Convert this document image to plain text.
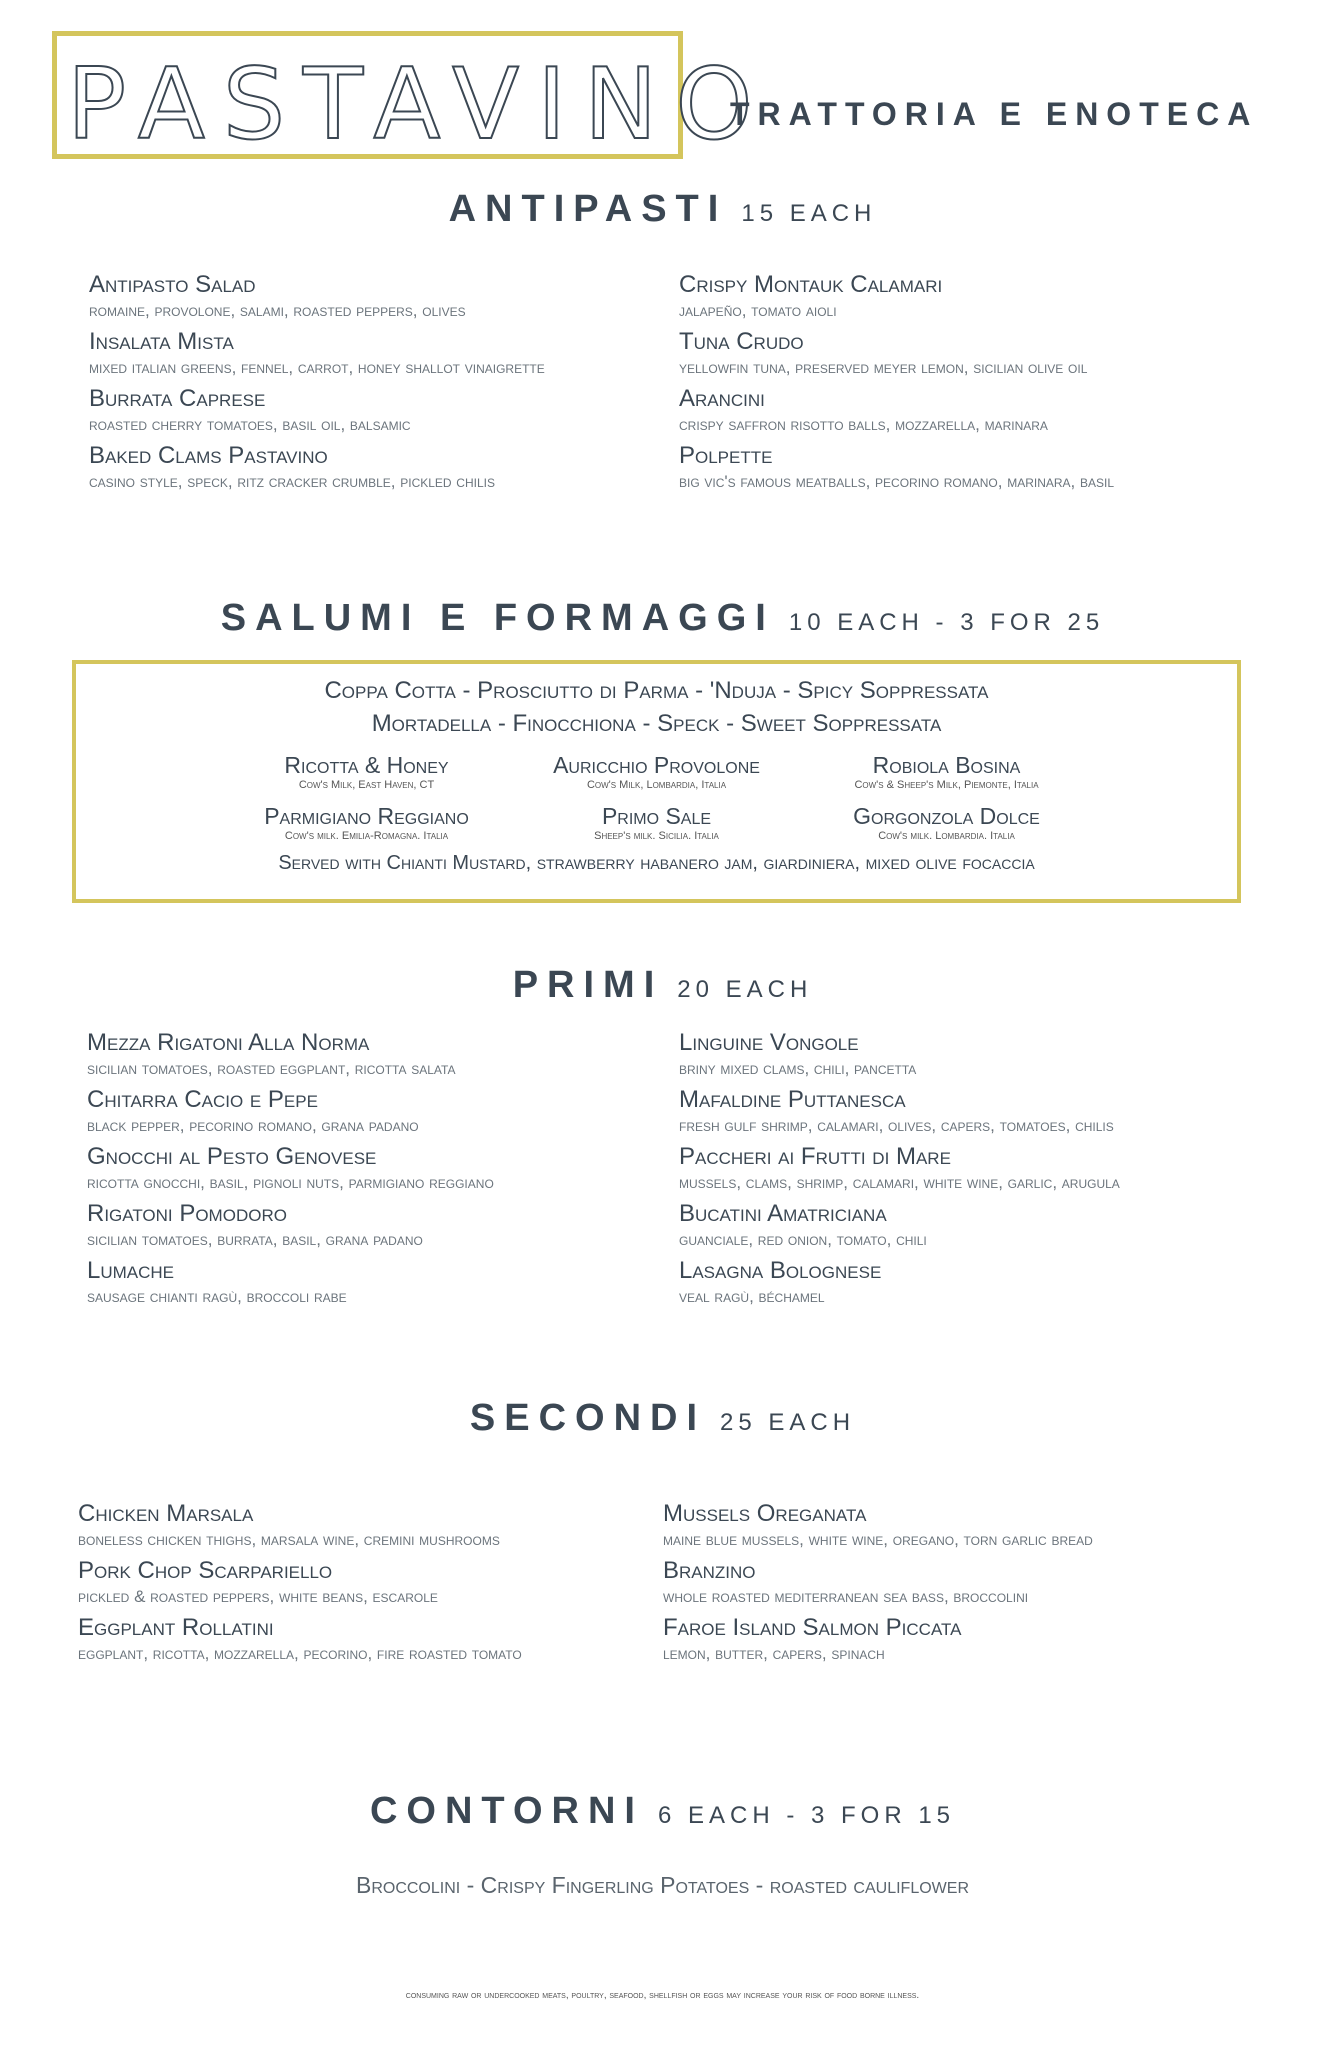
PASTAVINO
TRATTORIA E ENOTECA
ANTIPASTI 15 EACH
Antipasto Salad
romaine, provolone, salami, roasted peppers, olives
Insalata Mista
mixed italian greens, fennel, carrot, honey shallot vinaigrette
Burrata Caprese
roasted cherry tomatoes, basil oil, balsamic
Baked Clams Pastavino
casino style, speck, ritz cracker crumble, pickled chilis
Crispy Montauk Calamari
jalapeño, tomato aioli
Tuna Crudo
yellowfin tuna, preserved meyer lemon, sicilian olive oil
Arancini
crispy saffron risotto balls, mozzarella, marinara
Polpette
big vic's famous meatballs, pecorino romano, marinara, basil
SALUMI E FORMAGGI 10 EACH - 3 FOR 25
Coppa Cotta - Prosciutto di Parma - 'Nduja - Spicy Soppressata
Mortadella - Finocchiona - Speck - Sweet Soppressata
Ricotta & Honey
Cow's Milk, East Haven, CT
Auricchio Provolone
Cow's Milk, Lombardia, Italia
Robiola Bosina
Cow's & Sheep's Milk, Piemonte, Italia
Parmigiano Reggiano
Cow's milk. Emilia-Romagna. Italia
Primo Sale
Sheep's milk. Sicilia. Italia
Gorgonzola Dolce
Cow's milk. Lombardia. Italia
Served with Chianti Mustard, strawberry habanero jam, giardiniera, mixed olive focaccia
PRIMI 20 EACH
Mezza Rigatoni Alla Norma
sicilian tomatoes, roasted eggplant, ricotta salata
Chitarra Cacio e Pepe
black pepper, pecorino romano, grana padano
Gnocchi al Pesto Genovese
ricotta gnocchi, basil, pignoli nuts, parmigiano reggiano
Rigatoni Pomodoro
sicilian tomatoes, burrata, basil, grana padano
Lumache
sausage chianti ragù, broccoli rabe
Linguine Vongole
briny mixed clams, chili, pancetta
Mafaldine Puttanesca
fresh gulf shrimp, calamari, olives, capers, tomatoes, chilis
Paccheri ai Frutti di Mare
mussels, clams, shrimp, calamari, white wine, garlic, arugula
Bucatini Amatriciana
guanciale, red onion, tomato, chili
Lasagna Bolognese
veal ragù, béchamel
SECONDI 25 EACH
Chicken Marsala
boneless chicken thighs, marsala wine, cremini mushrooms
Pork Chop Scarpariello
pickled & roasted peppers, white beans, escarole
Eggplant Rollatini
eggplant, ricotta, mozzarella, pecorino, fire roasted tomato
Mussels Oreganata
maine blue mussels, white wine, oregano, torn garlic bread
Branzino
whole roasted mediterranean sea bass, broccolini
Faroe Island Salmon Piccata
lemon, butter, capers, spinach
CONTORNI 6 EACH - 3 FOR 15
Broccolini - Crispy Fingerling Potatoes - roasted cauliflower
consuming raw or undercooked meats, poultry, seafood, shellfish or eggs may increase your risk of food borne illness.
